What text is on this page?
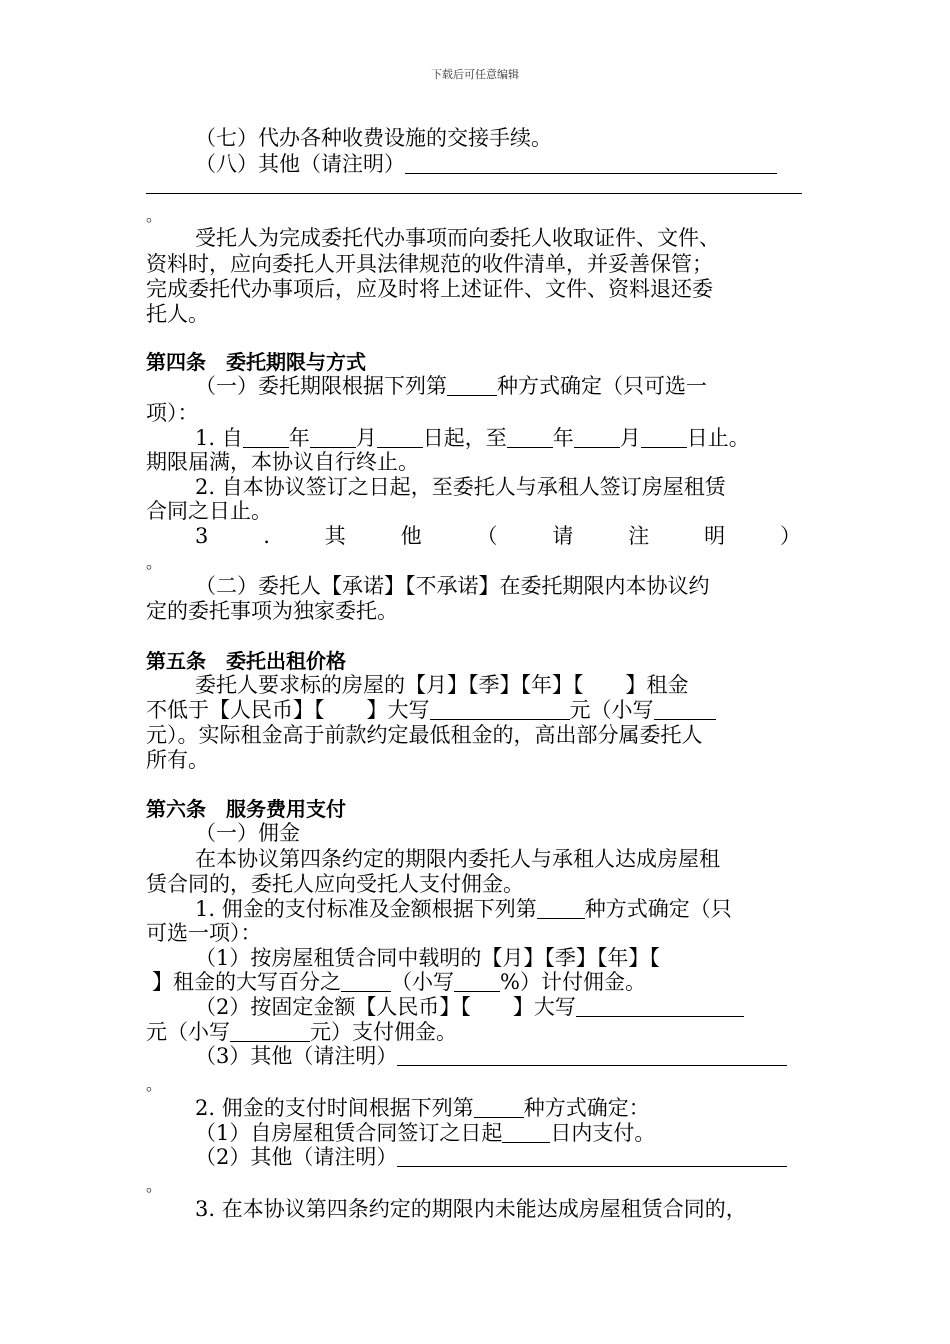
下载后可任意编辑
（七）代办各种收费设施的交接手续。
（八）其他（请注明）
。
受托人为完成委托代办事项而向委托人收取证件、文件、
资料时，应向委托人开具法律规范的收件清单，并妥善保管；
完成委托代办事项后，应及时将上述证件、文件、资料退还委
托人。
第四条　委托期限与方式
（一）委托期限根据下列第 种方式确定（只可选一
项）：
1. 自 年 月 日起，至 年 月 日止。
期限届满，本协议自行终止。
2. 自本协议签订之日起，至委托人与承租人签订房屋租赁
合同之日止。
3	.	其	他	（	请	注	明	）
。
（二）委托人【承诺】【不承诺】在委托期限内本协议约
定的委托事项为独家委托。
第五条　委托出租价格
委托人要求标的房屋的【月】【季】【年】【　　】租金
不低于【人民币】【　　】大写	元（小写
元）。实际租金高于前款约定最低租金的，高出部分属委托人
所有。
第六条　服务费用支付
（一）佣金
在本协议第四条约定的期限内委托人与承租人达成房屋租
赁合同的，委托人应向受托人支付佣金。
1. 佣金的支付标准及金额根据下列第 种方式确定（只
可选一项）：
（1）按房屋租赁合同中载明的【月】【季】【年】【
】租金的大写百分之 （小写 %）计付佣金。
（2）按固定金额【人民币】【　　】大写
元（小写	元）支付佣金。
（3）其他（请注明）
。
2. 佣金的支付时间根据下列第 种方式确定：
（1）自房屋租赁合同签订之日起 日内支付。
（2）其他（请注明）
。
3. 在本协议第四条约定的期限内未能达成房屋租赁合同的，
